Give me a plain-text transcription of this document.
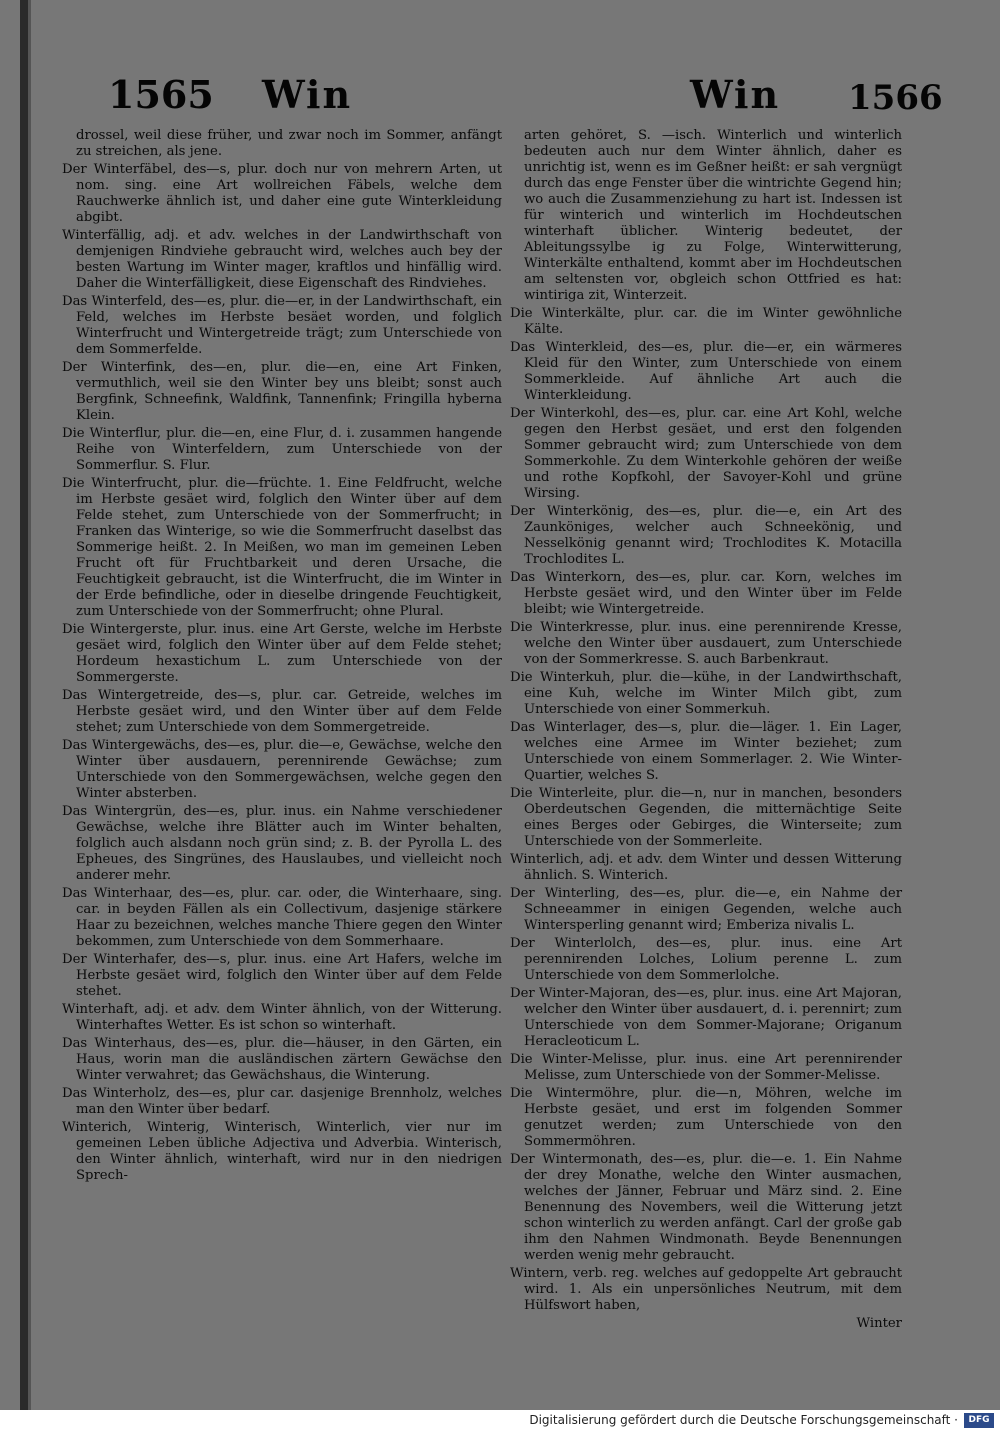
1565 Win	Win 1566

drossel, weil diese früher, und zwar noch im Sommer, anfängt zu streichen, als jene.

Der Winterfäbel, des—s, plur. doch nur von mehrern Arten, ut nom. sing. eine Art wollreichen Fäbels, welche dem Rauchwerke ähnlich ist, und daher eine gute Winterkleidung abgibt.

Winterfällig, adj. et adv. welches in der Landwirthschaft von demjenigen Rindviehe gebraucht wird, welches auch bey der besten Wartung im Winter mager, kraftlos und hinfällig wird. Daher die Winterfälligkeit, diese Eigenschaft des Rindviehes.

Das Winterfeld, des—es, plur. die—er, in der Landwirthschaft, ein Feld, welches im Herbste besäet worden, und folglich Winterfrucht und Wintergetreide trägt; zum Unterschiede von dem Sommerfelde.

Der Winterfink, des—en, plur. die—en, eine Art Finken, vermuthlich, weil sie den Winter bey uns bleibt; sonst auch Bergfink, Schneefink, Waldfink, Tannenfink; Fringilla hyberna Klein.

Die Winterflur, plur. die—en, eine Flur, d. i. zusammen hangende Reihe von Winterfeldern, zum Unterschiede von der Sommerflur. S. Flur.

Die Winterfrucht, plur. die—früchte. 1. Eine Feldfrucht, welche im Herbste gesäet wird, folglich den Winter über auf dem Felde stehet, zum Unterschiede von der Sommerfrucht; in Franken das Winterige, so wie die Sommerfrucht daselbst das Sommerige heißt. 2. In Meißen, wo man im gemeinen Leben Frucht oft für Fruchtbarkeit und deren Ursache, die Feuchtigkeit gebraucht, ist die Winterfrucht, die im Winter in der Erde befindliche, oder in dieselbe dringende Feuchtigkeit, zum Unterschiede von der Sommerfrucht; ohne Plural.

Die Wintergerste, plur. inus. eine Art Gerste, welche im Herbste gesäet wird, folglich den Winter über auf dem Felde stehet; Hordeum hexastichum L. zum Unterschiede von der Sommergerste.

Das Wintergetreide, des—s, plur. car. Getreide, welches im Herbste gesäet wird, und den Winter über auf dem Felde stehet; zum Unterschiede von dem Sommergetreide.

Das Wintergewächs, des—es, plur. die—e, Gewächse, welche den Winter über ausdauern, perennirende Gewächse; zum Unterschiede von den Sommergewächsen, welche gegen den Winter absterben.

Das Wintergrün, des—es, plur. inus. ein Nahme verschiedener Gewächse, welche ihre Blätter auch im Winter behalten, folglich auch alsdann noch grün sind; z. B. der Pyrolla L. des Epheues, des Singrünes, des Hauslaubes, und vielleicht noch anderer mehr.

Das Winterhaar, des—es, plur. car. oder, die Winterhaare, sing. car. in beyden Fällen als ein Collectivum, dasjenige stärkere Haar zu bezeichnen, welches manche Thiere gegen den Winter bekommen, zum Unterschiede von dem Sommerhaare.

Der Winterhafer, des—s, plur. inus. eine Art Hafers, welche im Herbste gesäet wird, folglich den Winter über auf dem Felde stehet.

Winterhaft, adj. et adv. dem Winter ähnlich, von der Witterung. Winterhaftes Wetter. Es ist schon so winterhaft.

Das Winterhaus, des—es, plur. die—häuser, in den Gärten, ein Haus, worin man die ausländischen zärtern Gewächse den Winter verwahret; das Gewächshaus, die Winterung.

Das Winterholz, des—es, plur car. dasjenige Brennholz, welches man den Winter über bedarf.

Winterich, Winterig, Winterisch, Winterlich, vier nur im gemeinen Leben übliche Adjectiva und Adverbia. Winterisch, den Winter ähnlich, winterhaft, wird nur in den niedrigen Sprech-

arten gehöret, S. —isch. Winterlich und winterlich bedeuten auch nur dem Winter ähnlich, daher es unrichtig ist, wenn es im Geßner heißt: er sah vergnügt durch das enge Fenster über die wintrichte Gegend hin; wo auch die Zusammenziehung zu hart ist. Indessen ist für winterich und winterlich im Hochdeutschen winterhaft üblicher. Winterig bedeutet, der Ableitungssylbe ig zu Folge, Winterwitterung, Winterkälte enthaltend, kommt aber im Hochdeutschen am seltensten vor, obgleich schon Ottfried es hat: wintiriga zit, Winterzeit.

Die Winterkälte, plur. car. die im Winter gewöhnliche Kälte.

Das Winterkleid, des—es, plur. die—er, ein wärmeres Kleid für den Winter, zum Unterschiede von einem Sommerkleide. Auf ähnliche Art auch die Winterkleidung.

Der Winterkohl, des—es, plur. car. eine Art Kohl, welche gegen den Herbst gesäet, und erst den folgenden Sommer gebraucht wird; zum Unterschiede von dem Sommerkohle. Zu dem Winterkohle gehören der weiße und rothe Kopfkohl, der Savoyer-Kohl und grüne Wirsing.

Der Winterkönig, des—es, plur. die—e, ein Art des Zaunköniges, welcher auch Schneekönig, und Nesselkönig genannt wird; Trochlodites K. Motacilla Trochlodites L.

Das Winterkorn, des—es, plur. car. Korn, welches im Herbste gesäet wird, und den Winter über im Felde bleibt; wie Wintergetreide.

Die Winterkresse, plur. inus. eine perennirende Kresse, welche den Winter über ausdauert, zum Unterschiede von der Sommerkresse. S. auch Barbenkraut.

Die Winterkuh, plur. die—kühe, in der Landwirthschaft, eine Kuh, welche im Winter Milch gibt, zum Unterschiede von einer Sommerkuh.

Das Winterlager, des—s, plur. die—läger. 1. Ein Lager, welches eine Armee im Winter beziehet; zum Unterschiede von einem Sommerlager. 2. Wie Winter-Quartier, welches S.

Die Winterleite, plur. die—n, nur in manchen, besonders Oberdeutschen Gegenden, die mitternächtige Seite eines Berges oder Gebirges, die Winterseite; zum Unterschiede von der Sommerleite.

Winterlich, adj. et adv. dem Winter und dessen Witterung ähnlich. S. Winterich.

Der Winterling, des—es, plur. die—e, ein Nahme der Schneeammer in einigen Gegenden, welche auch Wintersperling genannt wird; Emberiza nivalis L.

Der Winterlolch, des—es, plur. inus. eine Art perennirenden Lolches, Lolium perenne L. zum Unterschiede von dem Sommerlolche.

Der Winter-Majoran, des—es, plur. inus. eine Art Majoran, welcher den Winter über ausdauert, d. i. perennirt; zum Unterschiede von dem Sommer-Majorane; Origanum Heracleoticum L.

Die Winter-Melisse, plur. inus. eine Art perennirender Melisse, zum Unterschiede von der Sommer-Melisse.

Die Wintermöhre, plur. die—n, Möhren, welche im Herbste gesäet, und erst im folgenden Sommer genutzet werden; zum Unterschiede von den Sommermöhren.

Der Wintermonath, des—es, plur. die—e. 1. Ein Nahme der drey Monathe, welche den Winter ausmachen, welches der Jänner, Februar und März sind. 2. Eine Benennung des Novembers, weil die Witterung jetzt schon winterlich zu werden anfängt. Carl der große gab ihm den Nahmen Windmonath. Beyde Benennungen werden wenig mehr gebraucht.

Wintern, verb. reg. welches auf gedoppelte Art gebraucht wird. 1. Als ein unpersönliches Neutrum, mit dem Hülfswort haben,

Winter
Digitalisierung gefördert durch die Deutsche Forschungsgemeinschaft ·	DFG
